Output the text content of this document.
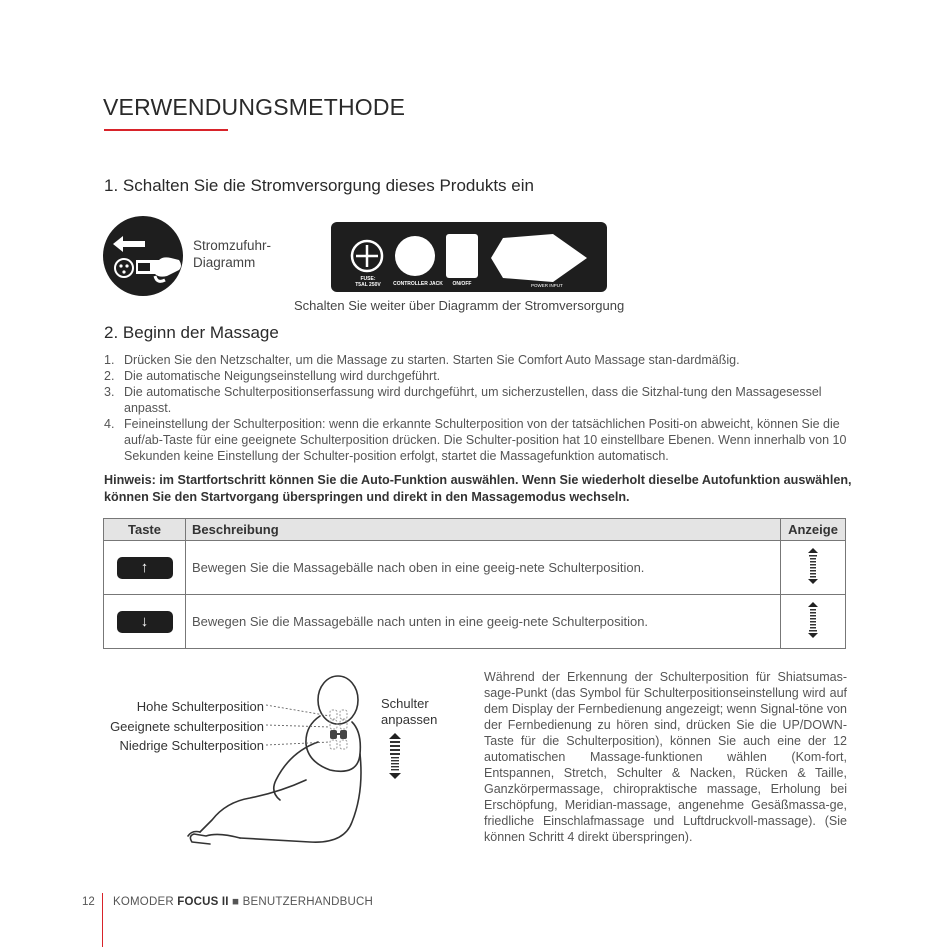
VERWENDUNGSMETHODE
1. Schalten Sie die Stromversorgung dieses Produkts ein
Stromzufuhr-
Diagramm
FUSE:
T5AL 250V	CONTROLLER JACK	ON/OFF	POWER INPUT
Schalten Sie weiter über Diagramm der Stromversorgung
2. Beginn der Massage
1. Drücken Sie den Netzschalter, um die Massage zu starten. Starten Sie Comfort Auto Massage stan-dardmäßig.
2. Die automatische Neigungseinstellung wird durchgeführt.
3. Die automatische Schulterpositionserfassung wird durchgeführt, um sicherzustellen, dass die Sitzhal-tung den Massagesessel anpasst.
4. Feineinstellung der Schulterposition: wenn die erkannte Schulterposition von der tatsächlichen Positi-on abweicht, können Sie die auf/ab-Taste für eine geeignete Schulterposition drücken. Die Schulter-position hat 10 einstellbare Ebenen. Wenn innerhalb von 10 Sekunden keine Einstellung der Schulter-position erfolgt, startet die Massagefunktion automatisch.
Hinweis: im Startfortschritt können Sie die Auto-Funktion auswählen. Wenn Sie wiederholt dieselbe Autofunktion auswählen, können Sie den Startvorgang überspringen und direkt in den Massagemodus wechseln.
Taste	Beschreibung	Anzeige

↑	Bewegen Sie die Massagebälle nach oben in eine geeig-nete Schulterposition.	

↓	Bewegen Sie die Massagebälle nach unten in eine geeig-nete Schulterposition.	
Hohe Schulterposition
Geeignete schulterposition
Niedrige Schulterposition
Schulter
anpassen
Während der Erkennung der Schulterposition für Shiatsumas-sage-Punkt (das Symbol für Schulterpositionseinstellung wird auf dem Display der Fernbedienung angezeigt; wenn Signal-töne von der Fernbedienung zu hören sind, drücken Sie die UP/DOWN-Taste für die Schulterposition), können Sie auch eine der 12 automatischen Massage-funktionen wählen (Kom-fort, Entspannen, Stretch, Schulter & Nacken, Rücken & Taille, Ganzkörpermassage, chiropraktische massage, Erholung bei Erschöpfung, Meridian-massage, angenehme Gesäßmassa-ge, friedliche Einschlafmassage und Luftdruckvoll-massage). (Sie können Schritt 4 direkt überspringen).
12 KOMODER FOCUS II ■ BENUTZERHANDBUCH
